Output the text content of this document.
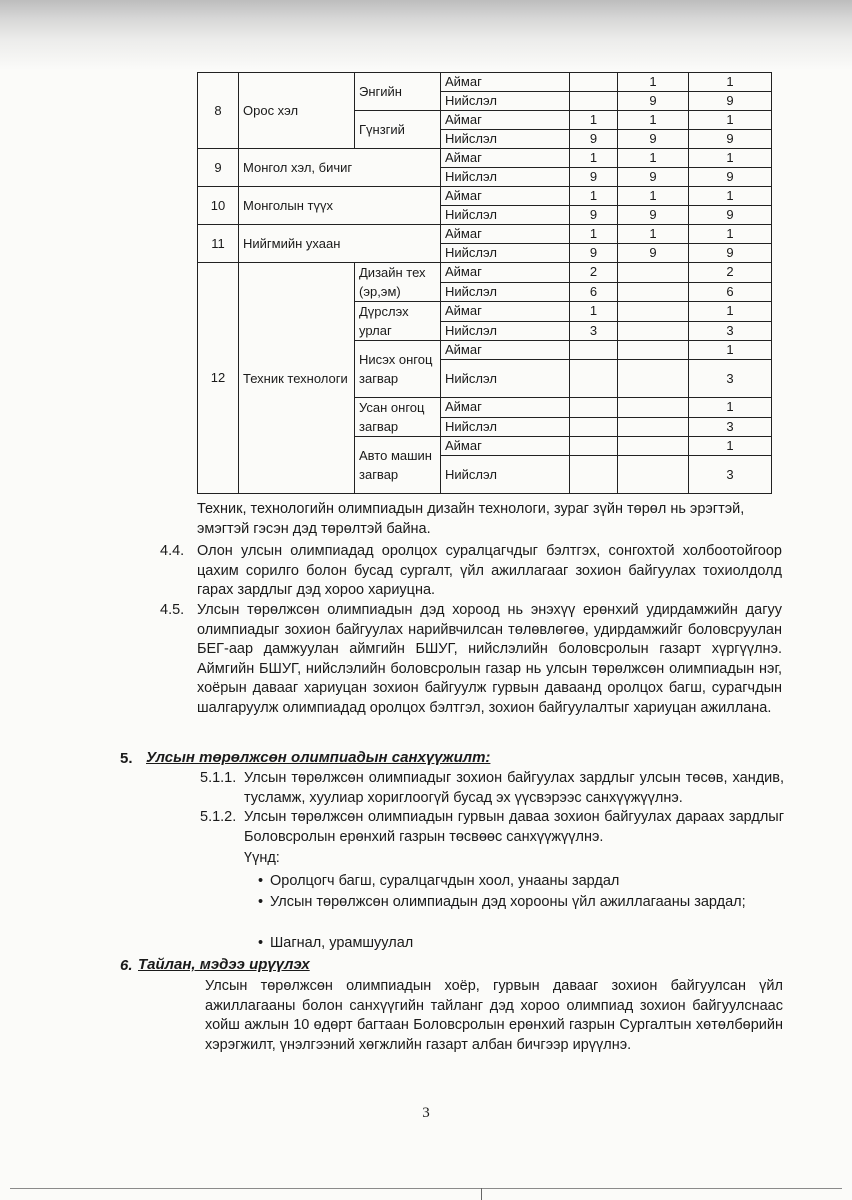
8	Орос хэл	Энгийн	Аймаг		1	1
			Нийслэл		9	9
		Гүнзгий	Аймаг	1	1	1
			Нийслэл	9	9	9
9	Монгол хэл, бичиг		Аймаг	1	1	1
			Нийслэл	9	9	9
10	Монголын түүх		Аймаг	1	1	1
			Нийслэл	9	9	9
11	Нийгмийн ухаан		Аймаг	1	1	1
			Нийслэл	9	9	9
12	Техник технологи	Дизайн тех (эр,эм)	Аймаг	2		2
			Нийслэл	6		6
		Дүрслэх урлаг	Аймаг	1		1
			Нийслэл	3		3
		Нисэх онгоц загвар	Аймаг			1
			Нийслэл			3
		Усан онгоц загвар	Аймаг			1
			Нийслэл			3
		Авто машин загвар	Аймаг			1
			Нийслэл			3
Техник, технологийн олимпиадын дизайн технологи, зураг зүйн төрөл нь эрэгтэй, эмэгтэй гэсэн дэд төрөлтэй байна.
4.4. Олон улсын олимпиадад оролцох суралцагчдыг бэлтгэх, сонгохтой холбоотойгоор цахим сорилго болон бусад сургалт, үйл ажиллагааг зохион байгуулах тохиолдолд гарах зардлыг дэд хороо хариуцна.
4.5. Улсын төрөлжсөн олимпиадын дэд хороод нь энэхүү ерөнхий удирдамжийн дагуу олимпиадыг зохион байгуулах нарийвчилсан төлөвлөгөө, удирдамжийг боловсруулан БЕГ-аар дамжуулан аймгийн БШУГ, нийслэлийн боловсролын газарт хүргүүлнэ. Аймгийн БШУГ, нийслэлийн боловсролын газар нь улсын төрөлжсөн олимпиадын нэг, хоёрын давааг хариуцан зохион байгуулж гурвын даваанд оролцох багш, сурагчдын шалгаруулж олимпиадад оролцох бэлтгэл, зохион байгуулалтыг хариуцан ажиллана.
5. Улсын төрөлжсөн олимпиадын санхүүжилт:
5.1.1. Улсын төрөлжсөн олимпиадыг зохион байгуулах зардлыг улсын төсөв, хандив, тусламж, хуулиар хориглоогүй бусад эх үүсвэрээс санхүүжүүлнэ.
5.1.2. Улсын төрөлжсөн олимпиадын гурвын даваа зохион байгуулах дараах зардлыг Боловсролын ерөнхий газрын төсвөөс санхүүжүүлнэ.
Үүнд:
• Оролцогч багш, суралцагчдын хоол, унааны зардал
• Улсын төрөлжсөн олимпиадын дэд хорооны үйл ажиллагааны зардал;
• Шагнал, урамшуулал
6. Тайлан, мэдээ ирүүлэх
Улсын төрөлжсөн олимпиадын хоёр, гурвын давааг зохион байгуулсан үйл ажиллагааны болон санхүүгийн тайланг дэд хороо олимпиад зохион байгуулснаас хойш ажлын 10 өдөрт багтаан Боловсролын ерөнхий газрын Сургалтын хөтөлбөрийн хэрэгжилт, үнэлгээний хөгжлийн газарт албан бичгээр ирүүлнэ.
3
